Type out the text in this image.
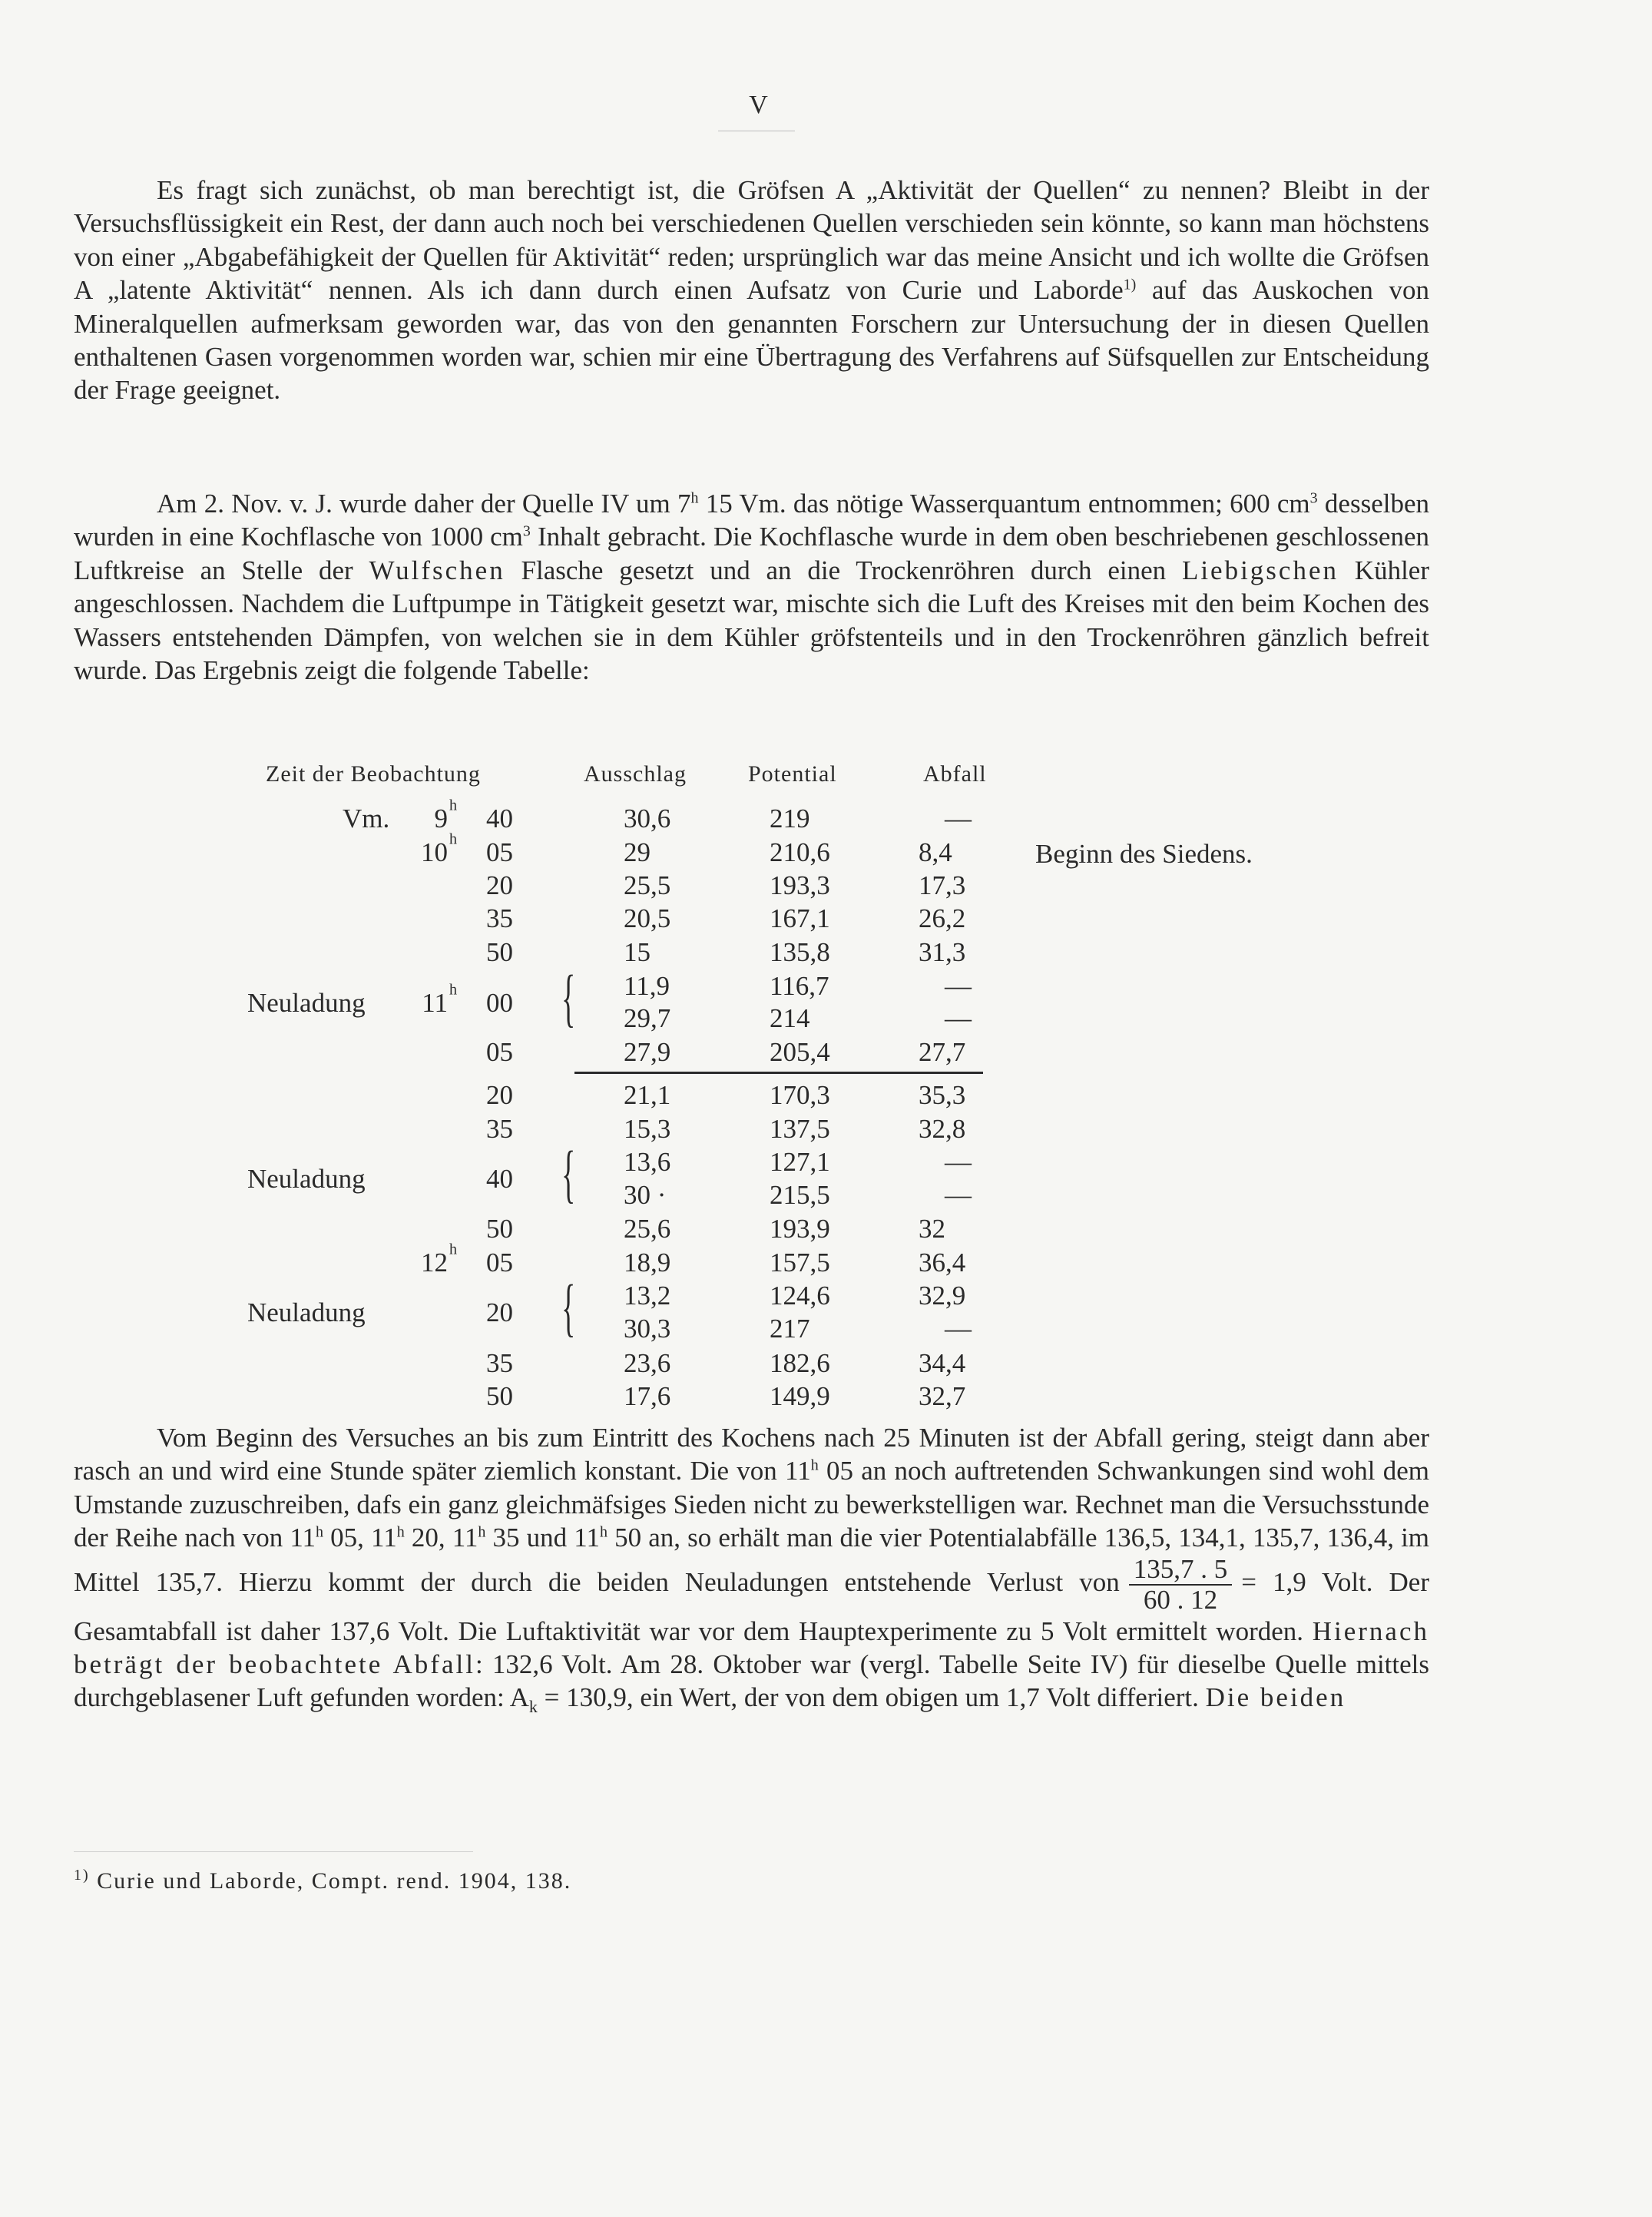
V

Es fragt sich zunächst, ob man berechtigt ist, die Gröfsen A „Aktivität der Quellen“ zu nennen? Bleibt in der Versuchsflüssigkeit ein Rest, der dann auch noch bei verschiedenen Quellen verschieden sein könnte, so kann man höchstens von einer „Abgabefähigkeit der Quellen für Aktivität“ reden; ursprünglich war das meine Ansicht und ich wollte die Gröfsen A „latente Aktivität“ nennen. Als ich dann durch einen Aufsatz von Curie und Laborde$^{1)}$ auf das Auskochen von Mineralquellen aufmerksam geworden war, das von den genannten Forschern zur Untersuchung der in diesen Quellen enthaltenen Gasen vorgenommen worden war, schien mir eine Übertragung des Verfahrens auf Süfsquellen zur Entscheidung der Frage geeignet.

Am 2. Nov. v. J. wurde daher der Quelle IV um 7$^h$ 15 Vm. das nötige Wasserquantum entnommen; 600 $cm^3$ desselben wurden in eine Kochflasche von 1000 $cm^3$ Inhalt gebracht. Die Kochflasche wurde in dem oben beschriebenen geschlossenen Luftkreise an Stelle der Wulfschen Flasche gesetzt und an die Trockenröhren durch einen Liebigschen Kühler angeschlossen. Nachdem die Luftpumpe in Tätigkeit gesetzt war, mischte sich die Luft des Kreises mit den beim Kochen des Wassers entstehenden Dämpfen, von welchen sie in dem Kühler gröfstenteils und in den Trockenröhren gänzlich befreit wurde. Das Ergebnis zeigt die folgende Tabelle:

Zeit der Beobachtung	Ausschlag	Potential	Abfall
Vm. 9 $^h$ 40	30,6	219	—
10 $^h$ 05	29	210,6	8,4	Beginn des Siedens.
20	25,5	193,3	17,3
35	20,5	167,1	26,2
50	15	135,8	31,3
Neuladung 11 $^h$ 00
11,9	116,7	—
{ 29,7	214	—
05	27,9	205,4	27,7
20	21,1	170,3	35,3
35	15,3	137,5	32,8
Neuladung	40
13,6	127,1	—
{ 30 ·	215,5	—
50	25,6	193,9	32
12 $^h$ 05	18,9	157,5	36,4
Neuladung	20
13,2	124,6	32,9
{ 30,3	217	—
35	23,6	182,6	34,4
50	17,6	149,9	32,7

Vom Beginn des Versuches an bis zum Eintritt des Kochens nach 25 Minuten ist der Abfall gering, steigt dann aber rasch an und wird eine Stunde später ziemlich konstant. Die von 11$^h$ 05 an noch auftretenden Schwankungen sind wohl dem Umstande zuzuschreiben, dafs ein ganz gleichmäfsiges Sieden nicht zu bewerkstelligen war. Rechnet man die Versuchsstunde der Reihe nach von 11$^h$ 05, 11$^h$ 20, 11$^h$ 35 und 11$^h$ 50 an, so erhält man die vier Potentialabfälle 136,5, 134,1, 135,7, 136,4, im Mittel 135,7. Hierzu kommt der durch die beiden Neuladungen entstehende Verlust von $\frac{135,7 . 5}{60 . 12} = 1,9$ Volt. Der Gesamtabfall ist daher 137,6 Volt. Die Luftaktivität war vor dem Hauptexperimente zu 5 Volt ermittelt worden. Hiernach beträgt der beobachtete Abfall: 132,6 Volt. Am 28. Oktober war (vergl. Tabelle Seite IV) für dieselbe Quelle mittels durchgeblasener Luft gefunden worden: $A_k = 130,9$, ein Wert, der von dem obigen um 1,7 Volt differiert. Die beiden

$^{1)}$ Curie und Laborde, Compt. rend. 1904, 138.
